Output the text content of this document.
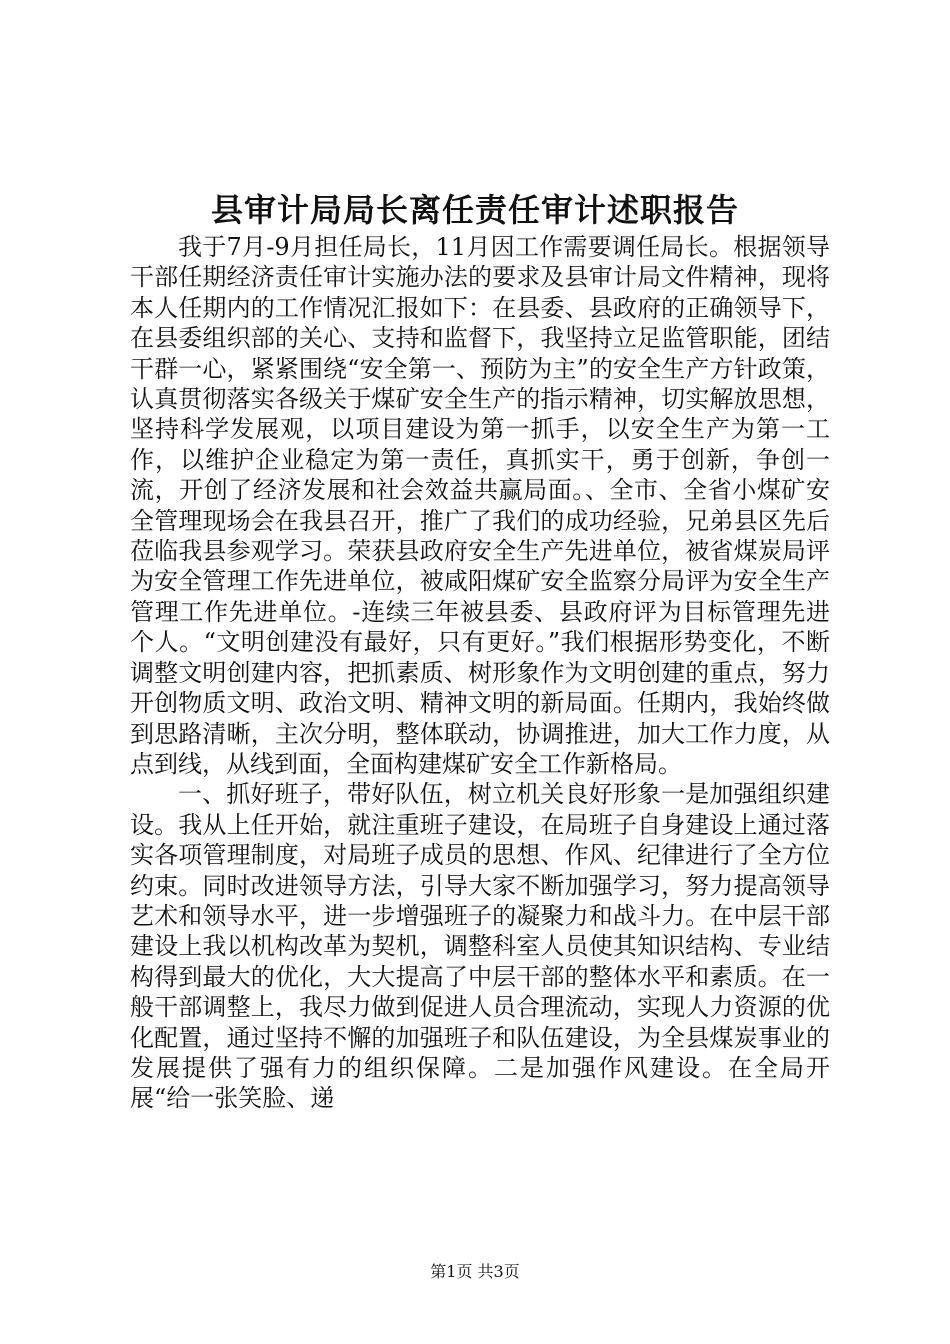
县审计局局长离任责任审计述职报告

我于7月-9月担任局长，11月因工作需要调任局长。根据领导干部任期经济责任审计实施办法的要求及县审计局文件精神，现将本人任期内的工作情况汇报如下：在县委、县政府的正确领导下，在县委组织部的关心、支持和监督下，我坚持立足监管职能，团结干群一心，紧紧围绕“安全第一、预防为主”的安全生产方针政策，认真贯彻落实各级关于煤矿安全生产的指示精神，切实解放思想，坚持科学发展观，以项目建设为第一抓手，以安全生产为第一工作，以维护企业稳定为第一责任，真抓实干，勇于创新，争创一流，开创了经济发展和社会效益共赢局面。、全市、全省小煤矿安全管理现场会在我县召开，推广了我们的成功经验，兄弟县区先后莅临我县参观学习。荣获县政府安全生产先进单位，被省煤炭局评为安全管理工作先进单位，被咸阳煤矿安全监察分局评为安全生产管理工作先进单位。-连续三年被县委、县政府评为目标管理先进个人。“文明创建没有最好，只有更好。”我们根据形势变化，不断调整文明创建内容，把抓素质、树形象作为文明创建的重点，努力开创物质文明、政治文明、精神文明的新局面。任期内，我始终做到思路清晰，主次分明，整体联动，协调推进，加大工作力度，从点到线，从线到面，全面构建煤矿安全工作新格局。

一、抓好班子，带好队伍，树立机关良好形象一是加强组织建设。我从上任开始，就注重班子建设，在局班子自身建设上通过落实各项管理制度，对局班子成员的思想、作风、纪律进行了全方位约束。同时改进领导方法，引导大家不断加强学习，努力提高领导艺术和领导水平，进一步增强班子的凝聚力和战斗力。在中层干部建设上我以机构改革为契机，调整科室人员使其知识结构、专业结构得到最大的优化，大大提高了中层干部的整体水平和素质。在一般干部调整上，我尽力做到促进人员合理流动，实现人力资源的优化配置，通过坚持不懈的加强班子和队伍建设，为全县煤炭事业的发展提供了强有力的组织保障。二是加强作风建设。在全局开展“给一张笑脸、递

第1页 共3页
